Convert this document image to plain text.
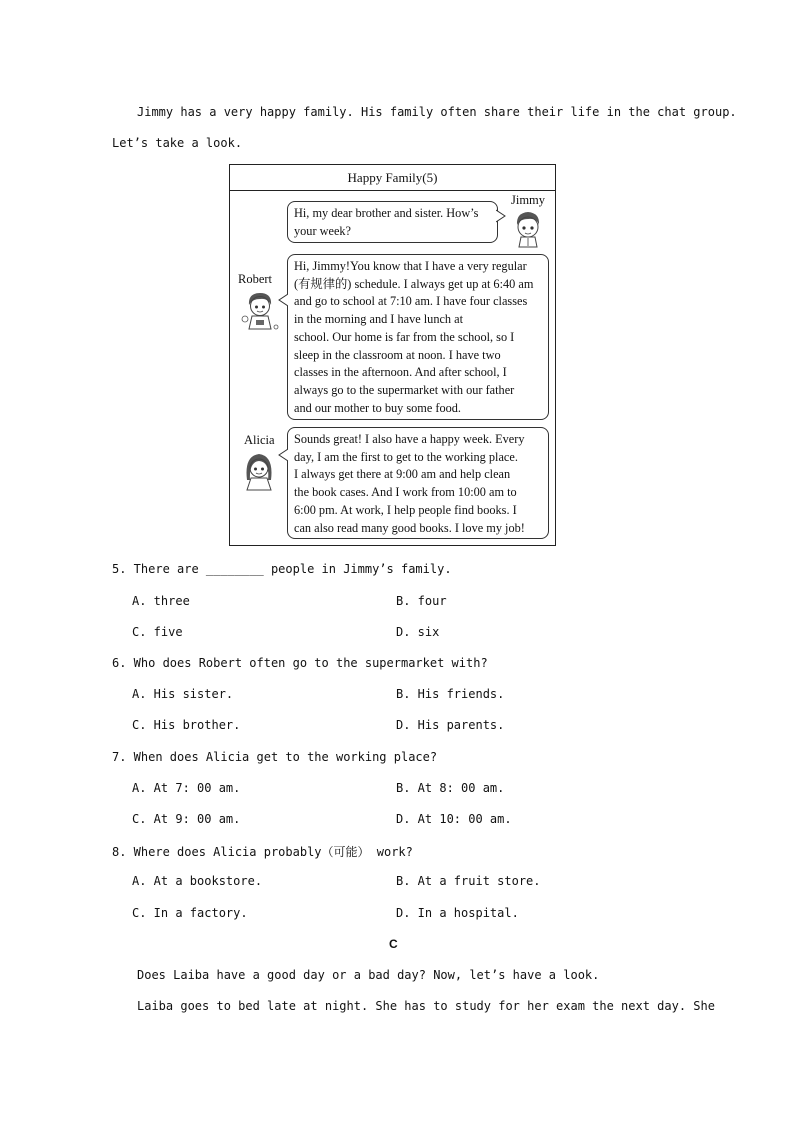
Jimmy has a very happy family. His family often share their life in the chat group.
Let’s take a look.
Happy Family(5)
Jimmy

Hi, my dear brother and sister. How’s

your week?

Robert

Hi, Jimmy!You know that I have a very regular

(有规律的) schedule. I always get up at 6:40 am

and go to school at 7:10 am. I have four classes

in the morning and I have lunch at

school. Our home is far from the school, so I

sleep in the classroom at noon. I have two

classes in the afternoon. And after school, I

always go to the supermarket with our father

and our mother to buy some food.

Alicia Sounds great! I also have a happy week. Every

day, I am the first to get to the working place.

I always get there at 9:00 am and help clean

the book cases. And I work from 10:00 am to

6:00 pm. At work, I help people find books. I

can also read many good books. I love my job!

5. There are ________ people in Jimmy’s family.
A. three	B. four
C. five	D. six
6. Who does Robert often go to the supermarket with?
A. His sister.	B. His friends.
C. His brother.	D. His parents.
7. When does Alicia get to the working place?
A. At 7: 00 am.	B. At 8: 00 am.
C. At 9: 00 am.	D. At 10: 00 am.
8. Where does Alicia probably（可能） work?
A. At a bookstore.	B. At a fruit store.
C. In a factory.	D. In a hospital.
C
Does Laiba have a good day or a bad day? Now, let’s have a look.
Laiba goes to bed late at night. She has to study for her exam the next day. She
